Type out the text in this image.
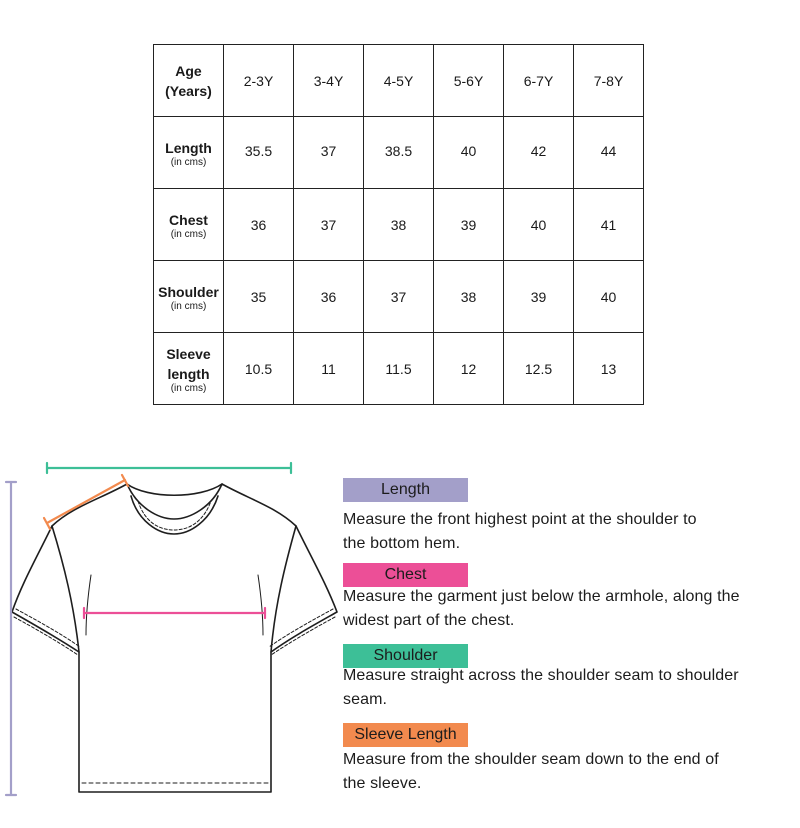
Age
(Years)	2-3Y	3-4Y	4-5Y	5-6Y	6-7Y	7-8Y

Length
(in cms)	35.5	37	38.5	40	42	44

Chest
(in cms)	36	37	38	39	40	41

Shoulder
(in cms)	35	36	37	38	39	40

Sleeve
length
(in cms)	10.5	11	11.5	12	12.5	13
Length
Measure the front highest point at the shoulder to
the bottom hem.
Chest
Measure the garment just below the armhole, along the
widest part of the chest.
Shoulder
Measure straight across the shoulder seam to shoulder
seam.
Sleeve Length
Measure from the shoulder seam down to the end of
the sleeve.
